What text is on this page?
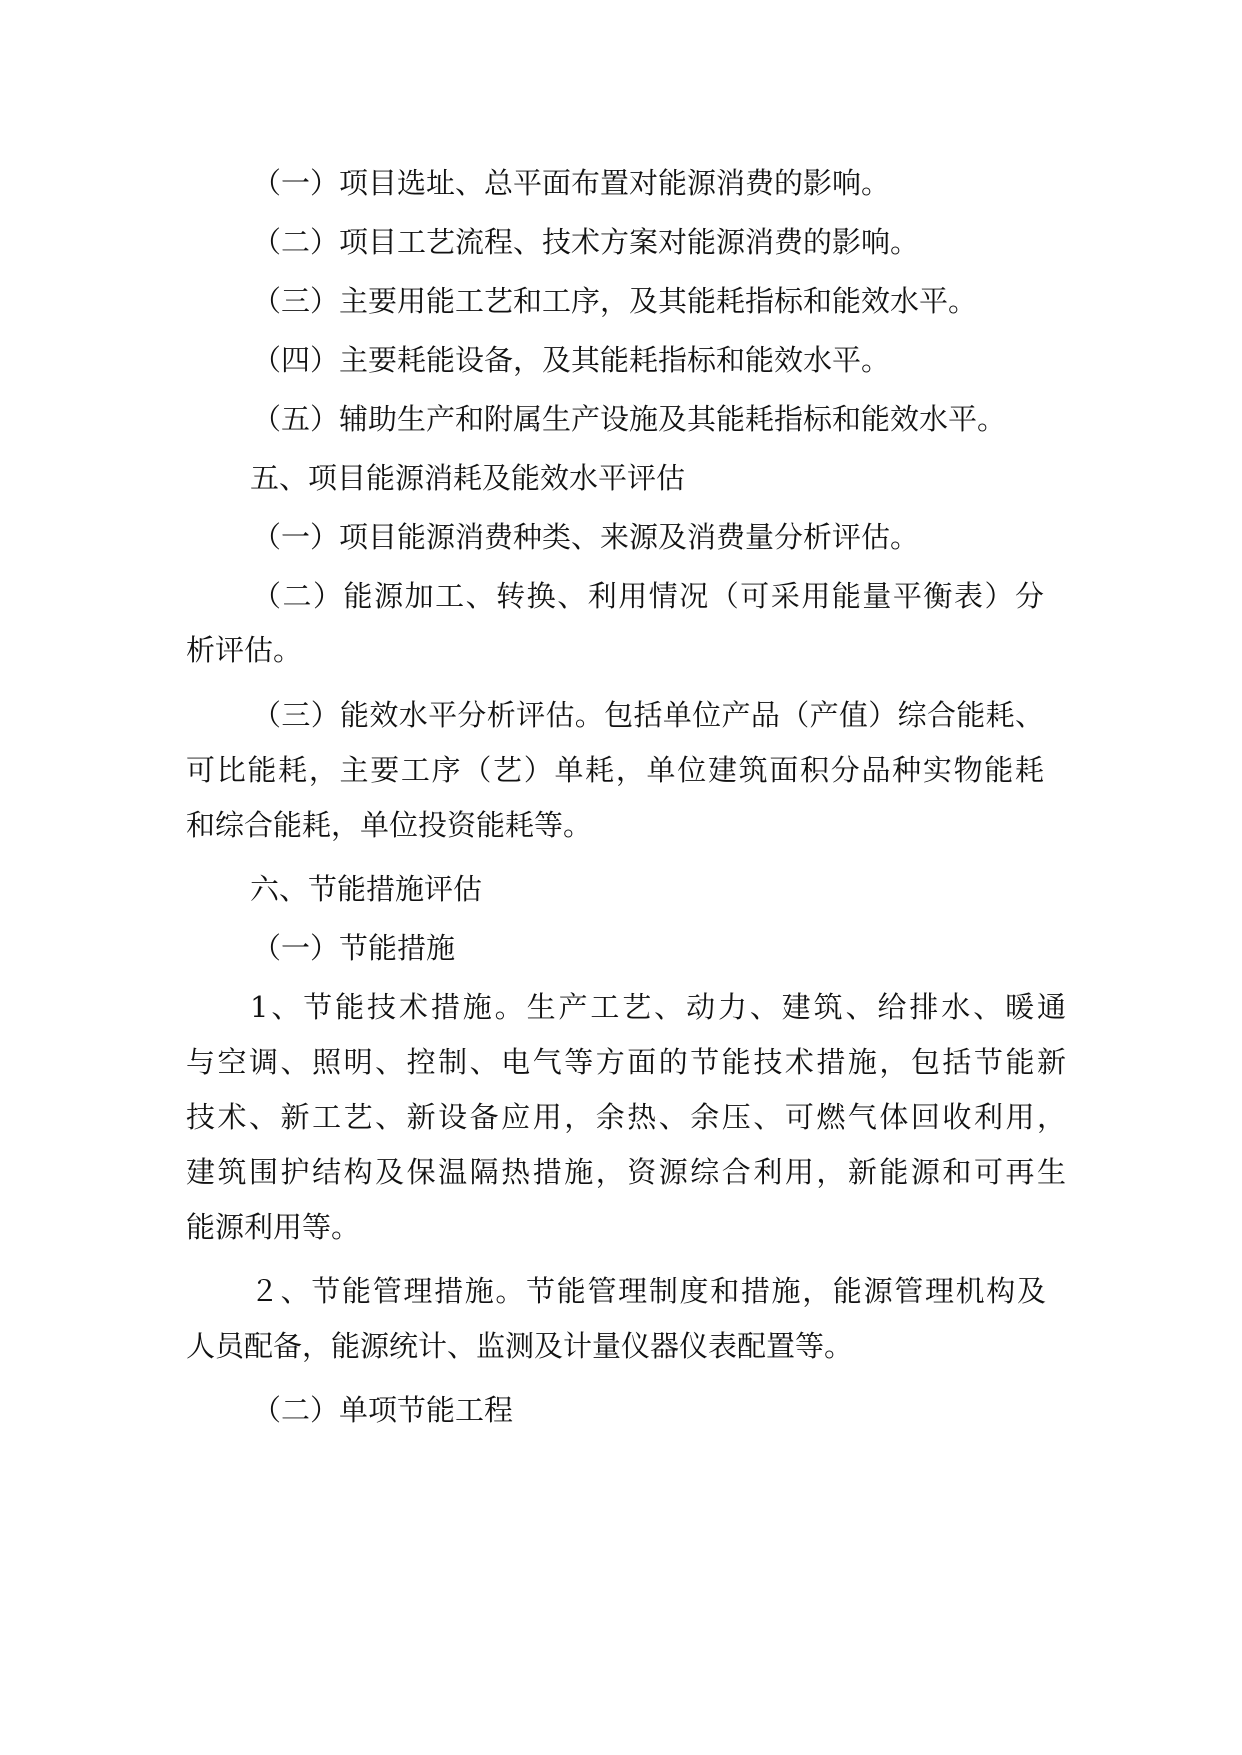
（一）项目选址、总平面布置对能源消费的影响。

（二）项目工艺流程、技术方案对能源消费的影响。

（三）主要用能工艺和工序，及其能耗指标和能效水平。

（四）主要耗能设备，及其能耗指标和能效水平。

（五）辅助生产和附属生产设施及其能耗指标和能效水平。

五、项目能源消耗及能效水平评估

（一）项目能源消费种类、来源及消费量分析评估。

（二）能源加工、转换、利用情况（可采用能量平衡表）分

析评估。

（三）能效水平分析评估。包括单位产品（产值）综合能耗、

可比能耗，主要工序（艺）单耗，单位建筑面积分品种实物能耗

和综合能耗，单位投资能耗等。

六、节能措施评估

（一）节能措施

1、节能技术措施。生产工艺、动力、建筑、给排水、暖通

与空调、照明、控制、电气等方面的节能技术措施，包括节能新

技术、新工艺、新设备应用，余热、余压、可燃气体回收利用，

建筑围护结构及保温隔热措施，资源综合利用，新能源和可再生

能源利用等。

２、节能管理措施。节能管理制度和措施，能源管理机构及

人员配备，能源统计、监测及计量仪器仪表配置等。

（二）单项节能工程
